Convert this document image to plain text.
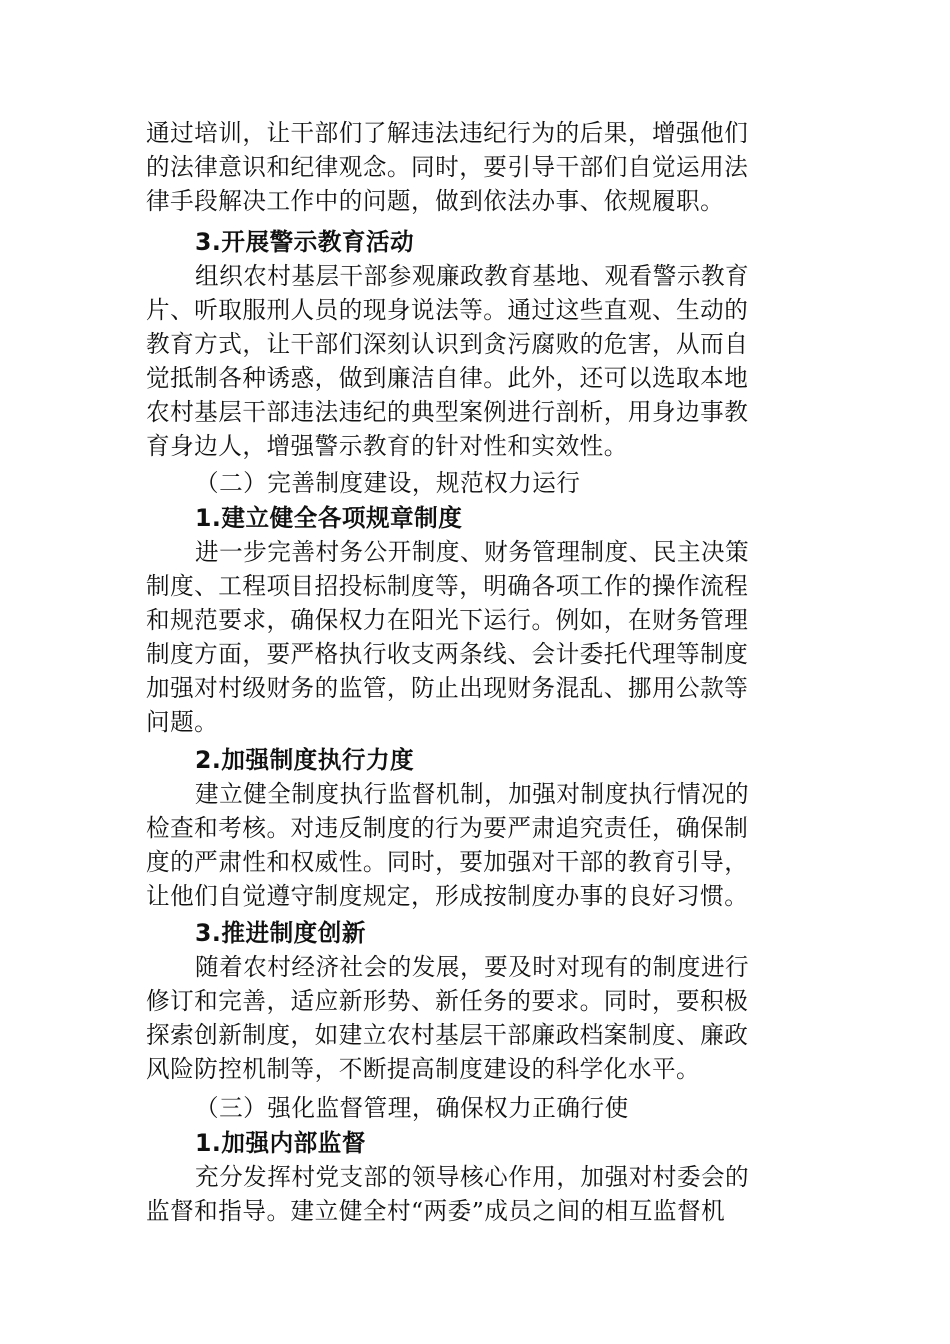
通过培训，让干部们了解违法违纪行为的后果，增强他们
的法律意识和纪律观念。同时，要引导干部们自觉运用法
律手段解决工作中的问题，做到依法办事、依规履职。
3.开展警示教育活动
组织农村基层干部参观廉政教育基地、观看警示教育
片、听取服刑人员的现身说法等。通过这些直观、生动的
教育方式，让干部们深刻认识到贪污腐败的危害，从而自
觉抵制各种诱惑，做到廉洁自律。此外，还可以选取本地
农村基层干部违法违纪的典型案例进行剖析，用身边事教
育身边人，增强警示教育的针对性和实效性。
（二）完善制度建设，规范权力运行
1.建立健全各项规章制度
进一步完善村务公开制度、财务管理制度、民主决策
制度、工程项目招投标制度等，明确各项工作的操作流程
和规范要求，确保权力在阳光下运行。例如，在财务管理
制度方面，要严格执行收支两条线、会计委托代理等制度
加强对村级财务的监管，防止出现财务混乱、挪用公款等
问题。
2.加强制度执行力度
建立健全制度执行监督机制，加强对制度执行情况的
检查和考核。对违反制度的行为要严肃追究责任，确保制
度的严肃性和权威性。同时，要加强对干部的教育引导，
让他们自觉遵守制度规定，形成按制度办事的良好习惯。
3.推进制度创新
随着农村经济社会的发展，要及时对现有的制度进行
修订和完善，适应新形势、新任务的要求。同时，要积极
探索创新制度，如建立农村基层干部廉政档案制度、廉政
风险防控机制等，不断提高制度建设的科学化水平。
（三）强化监督管理，确保权力正确行使
1.加强内部监督
充分发挥村党支部的领导核心作用，加强对村委会的
监督和指导。建立健全村“两委”成员之间的相互监督机
